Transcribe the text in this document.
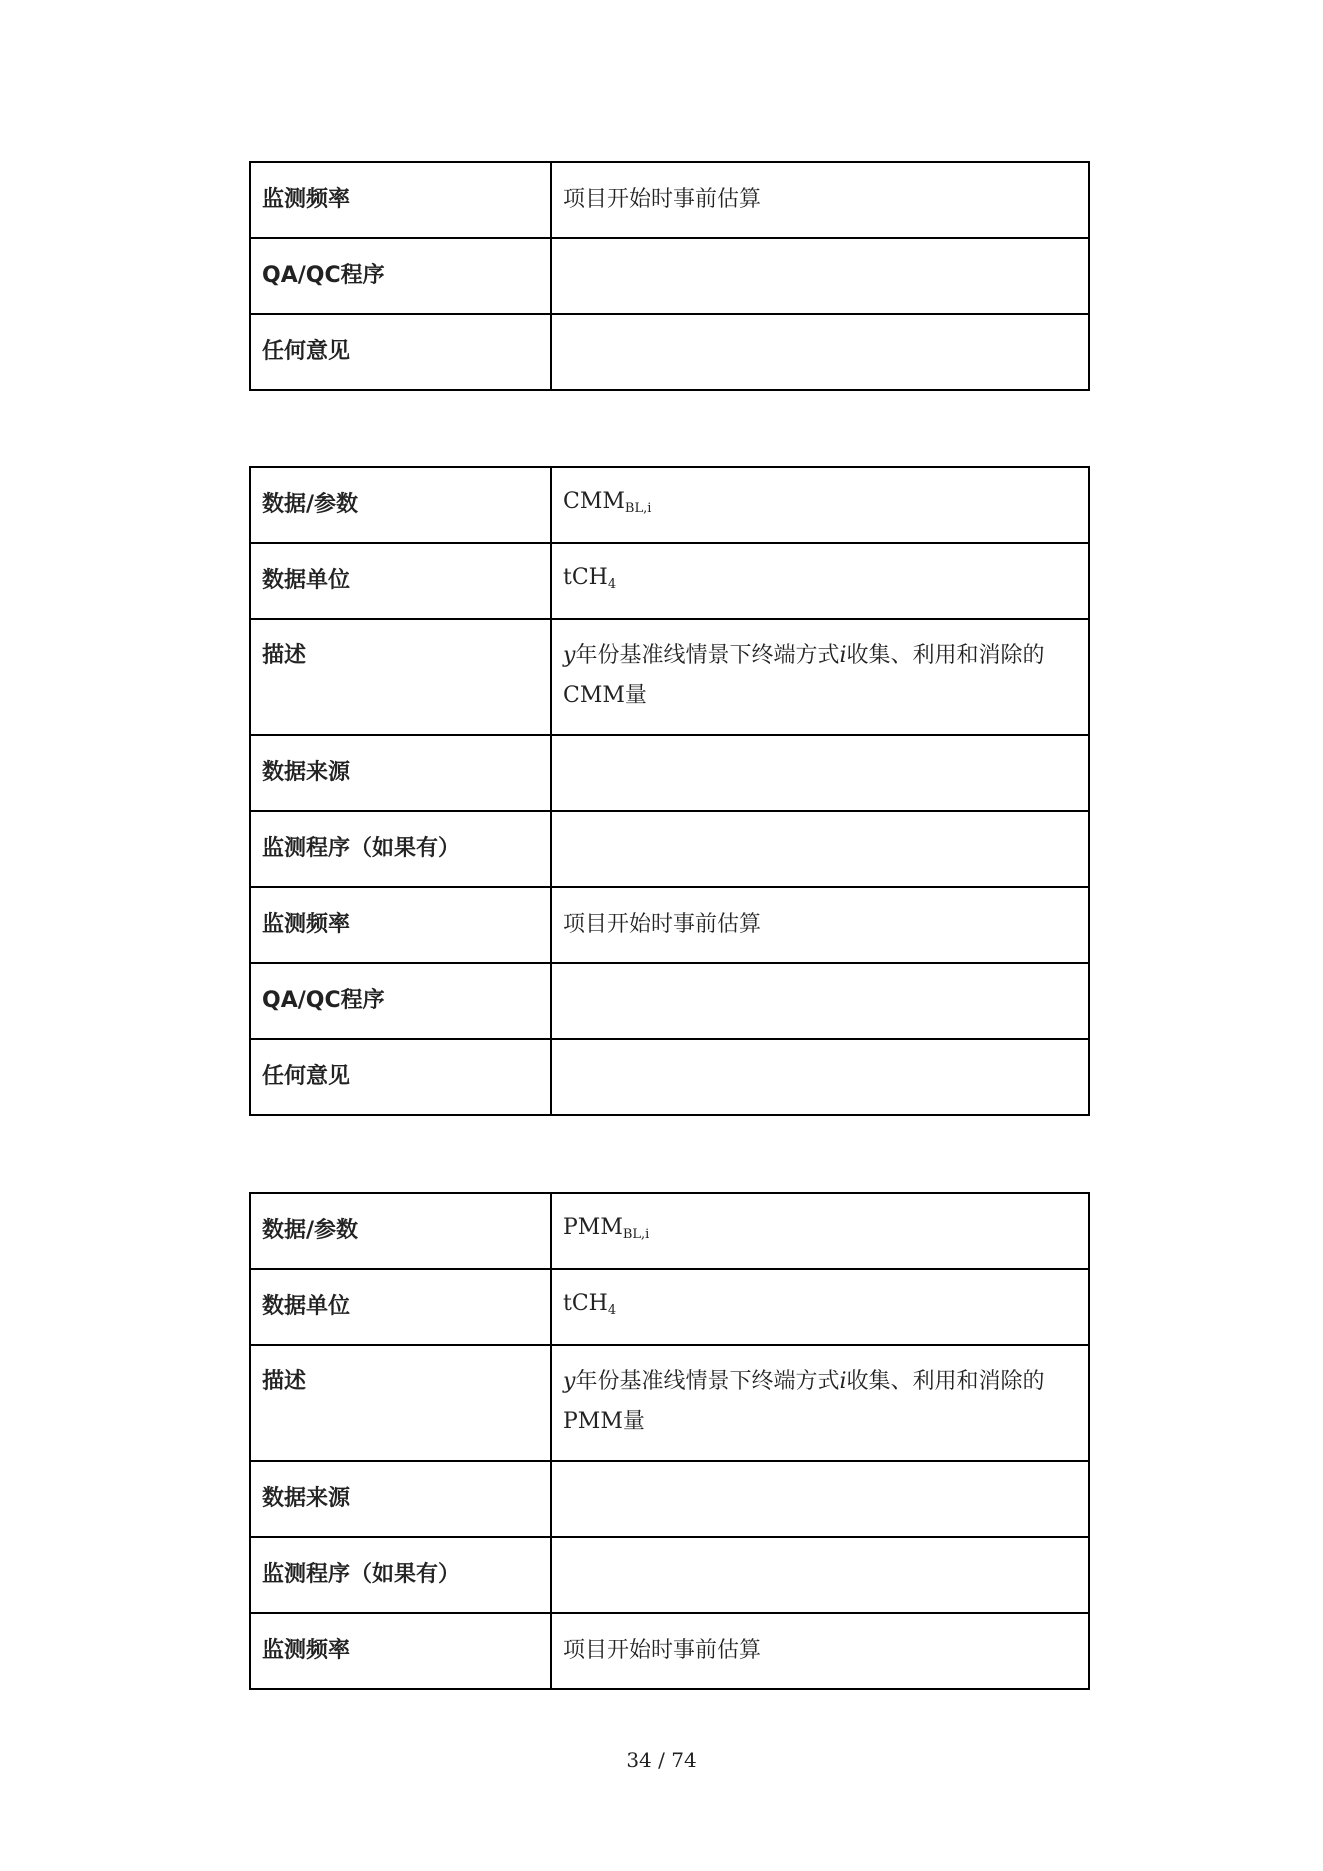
监测频率	项目开始时事前估算
QA/QC程序	
任何意见	
数据/参数	$CMM_{BL,i}$
数据单位	tCH$_4$
描述	y年份基准线情景下终端方式i收集、利用和消除的CMM量
数据来源	
监测程序（如果有）	
监测频率	项目开始时事前估算
QA/QC程序	
任何意见	
数据/参数	$PMM_{BL,i}$
数据单位	tCH$_4$
描述	y年份基准线情景下终端方式i收集、利用和消除的PMM量
数据来源	
监测程序（如果有）	
监测频率	项目开始时事前估算
34 / 74
